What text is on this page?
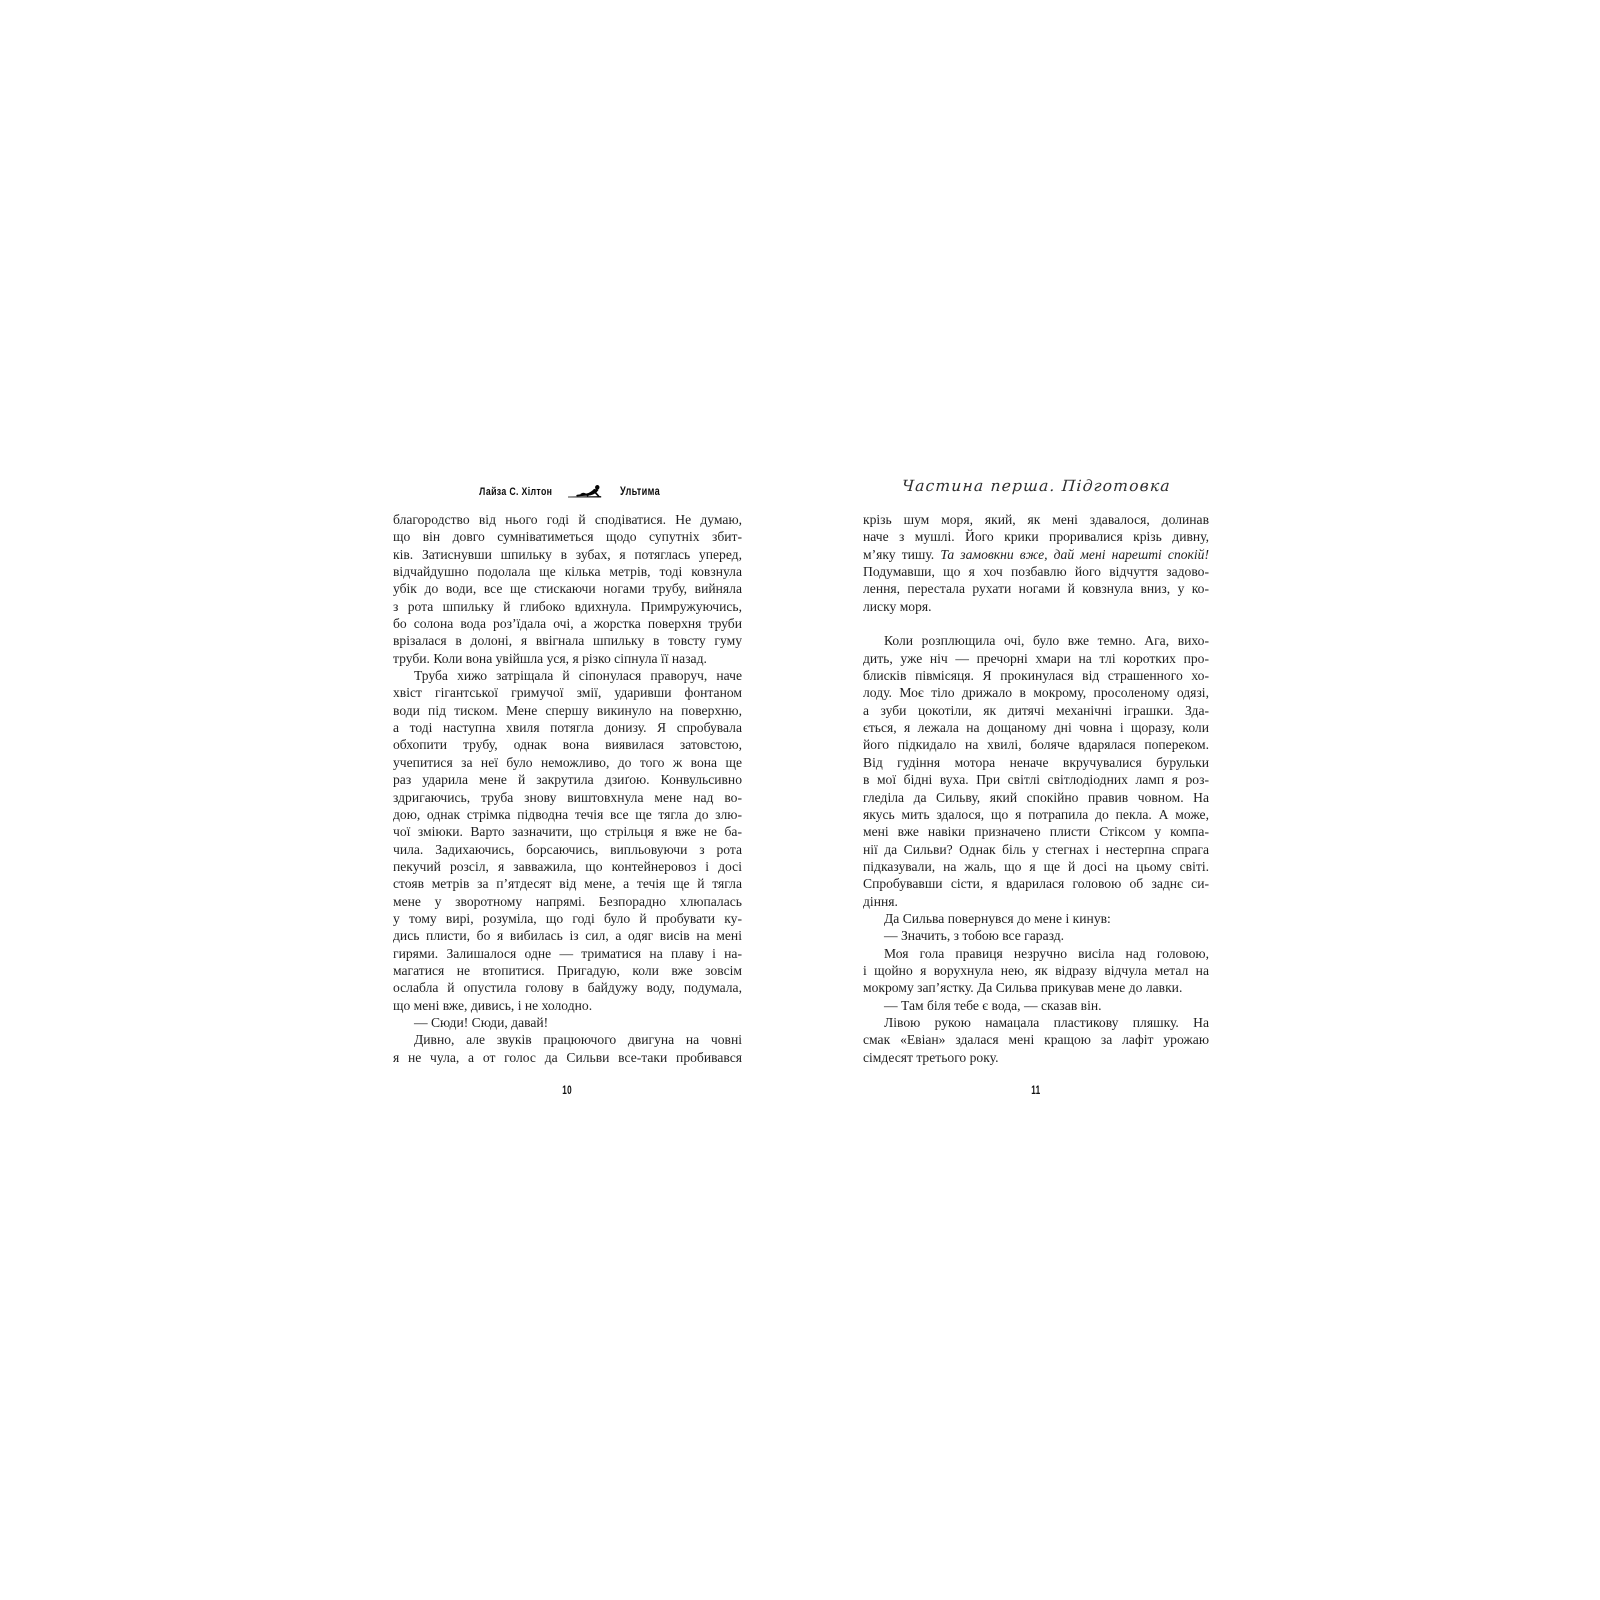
Лайза С. Хілтон	Ультима	Частина перша. Підготовка
благородство від нього годі й сподіватися. Не думаю,
що він довго сумніватиметься щодо супутніх збит-
ків. Затиснувши шпильку в зубах, я потяглась уперед,
відчайдушно подолала ще кілька метрів, тоді ковзнула
убік до води, все ще стискаючи ногами трубу, вийняла
з рота шпильку й глибоко вдихнула. Примружуючись,
бо солона вода роз’їдала очі, а жорстка поверхня труби
врізалася в долоні, я ввігнала шпильку в товсту гуму
труби. Коли вона увійшла уся, я різко сіпнула її назад.
Труба хижо затріщала й сіпонулася праворуч, наче
хвіст гігантської гримучої змії, ударивши фонтаном
води під тиском. Мене спершу викинуло на поверхню,
а тоді наступна хвиля потягла донизу. Я спробувала
обхопити трубу, однак вона виявилася затовстою,
учепитися за неї було неможливо, до того ж вона ще
раз ударила мене й закрутила дзиґою. Конвульсивно
здригаючись, труба знову виштовхнула мене над во-
дою, однак стрімка підводна течія все ще тягла до злю-
чої зміюки. Варто зазначити, що стрільця я вже не ба-
чила. Задихаючись, борсаючись, випльовуючи з рота
пекучий розсіл, я завважила, що контейнеровоз і досі
стояв метрів за п’ятдесят від мене, а течія ще й тягла
мене у зворотному напрямі. Безпорадно хлюпалась
у тому вирі, розуміла, що годі було й пробувати ку-
дись плисти, бо я вибилась із сил, а одяг висів на мені
гирями. Залишалося одне — триматися на плаву і на-
магатися не втопитися. Пригадую, коли вже зовсім
ослабла й опустила голову в байдужу воду, подумала,
що мені вже, дивись, і не холодно.
— Сюди! Сюди, давай!
Дивно, але звуків працюючого двигуна на човні
я не чула, а от голос да Сильви все-таки пробивався
крізь шум моря, який, як мені здавалося, долинав
наче з мушлі. Його крики проривалися крізь дивну,
м’яку тишу. Та замовкни вже, дай мені нарешті спокій!
Подумавши, що я хоч позбавлю його відчуття задово-
лення, перестала рухати ногами й ковзнула вниз, у ко-
лиску моря.
Коли розплющила очі, було вже темно. Ага, вихо-
дить, уже ніч — пречорні хмари на тлі коротких про-
блисків півмісяця. Я прокинулася від страшенного хо-
лоду. Моє тіло дрижало в мокрому, просоленому одязі,
а зуби цокотіли, як дитячі механічні іграшки. Зда-
ється, я лежала на дощаному дні човна і щоразу, коли
його підкидало на хвилі, боляче вдарялася попереком.
Від гудіння мотора неначе вкручувалися бурульки
в мої бідні вуха. При світлі світлодіодних ламп я роз-
гледіла да Сильву, який спокійно правив човном. На
якусь мить здалося, що я потрапила до пекла. А може,
мені вже навіки призначено плисти Стіксом у компа-
нії да Сильви? Однак біль у стегнах і нестерпна спрага
підказували, на жаль, що я ще й досі на цьому світі.
Спробувавши сісти, я вдарилася головою об заднє си-
діння.
Да Сильва повернувся до мене і кинув:
— Значить, з тобою все гаразд.
Моя гола правиця незручно висіла над головою,
і щойно я ворухнула нею, як відразу відчула метал на
мокрому зап’ястку. Да Сильва прикував мене до лавки.
— Там біля тебе є вода, — сказав він.
Лівою рукою намацала пластикову пляшку. На
смак «Евіан» здалася мені кращою за лафіт урожаю
сімдесят третього року.
10	11
